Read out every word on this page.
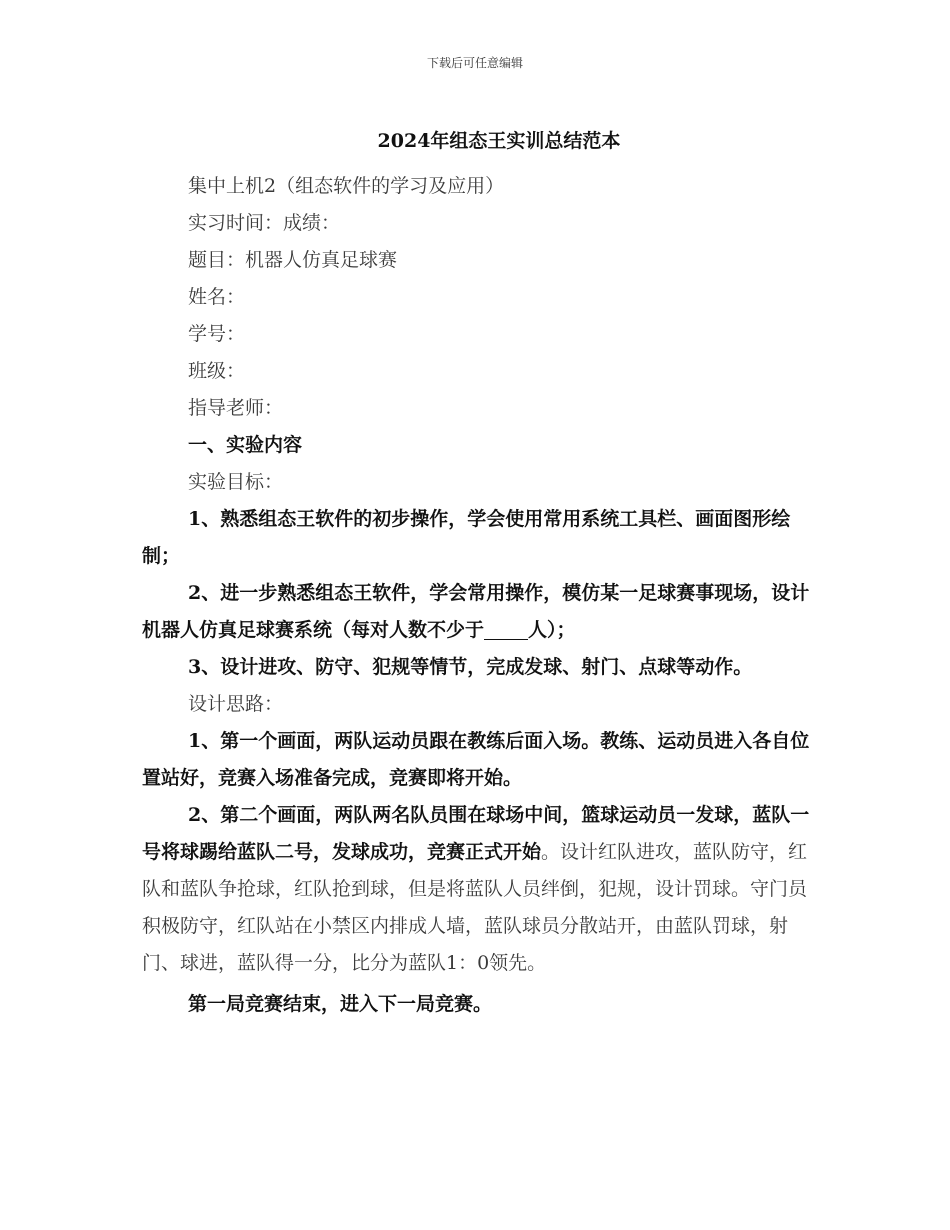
下载后可任意编辑
2024年组态王实训总结范本

集中上机2（组态软件的学习及应用）

实习时间：成绩：

题目：机器人仿真足球赛

姓名：

学号：

班级：

指导老师：

一、实验内容

实验目标：

1、熟悉组态王软件的初步操作，学会使用常用系统工具栏、画面图形绘制；

2、进一步熟悉组态王软件，学会常用操作，模仿某一足球赛事现场，设计机器人仿真足球赛系统（每对人数不少于 人）；

3、设计进攻、防守、犯规等情节，完成发球、射门、点球等动作。

设计思路：

1、第一个画面，两队运动员跟在教练后面入场。教练、运动员进入各自位置站好，竞赛入场准备完成，竞赛即将开始。

2、第二个画面，两队两名队员围在球场中间，篮球运动员一发球，蓝队一号将球踢给蓝队二号，发球成功，竞赛正式开始。设计红队进攻，蓝队防守，红队和蓝队争抢球，红队抢到球，但是将蓝队人员绊倒，犯规，设计罚球。守门员积极防守，红队站在小禁区内排成人墙，蓝队球员分散站开，由蓝队罚球，射门、球进，蓝队得一分，比分为蓝队1：0领先。

第一局竞赛结束，进入下一局竞赛。
